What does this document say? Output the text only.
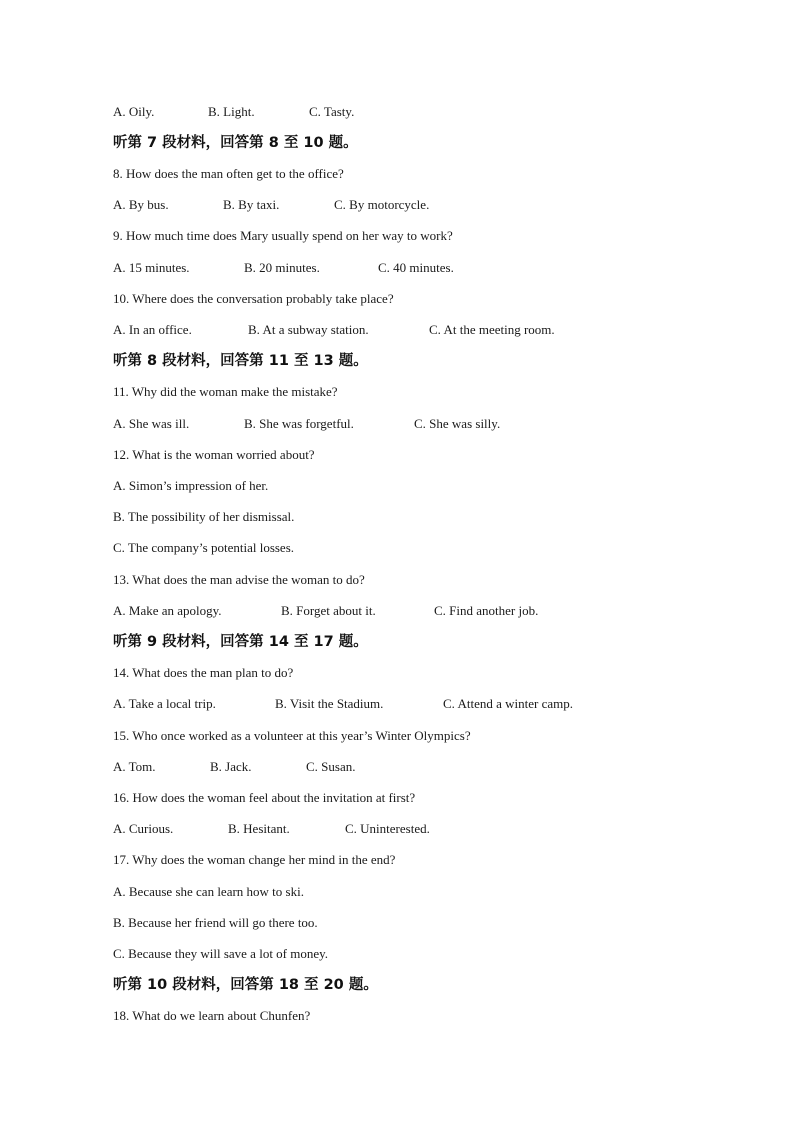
A. Oily.	B. Light.	C. Tasty.
听第 7 段材料，回答第 8 至 10 题。
8. How does the man often get to the office?
A. By bus.	B. By taxi.	C. By motorcycle.
9. How much time does Mary usually spend on her way to work?
A. 15 minutes.	B. 20 minutes.	C. 40 minutes.
10. Where does the conversation probably take place?
A. In an office.	B. At a subway station.	C. At the meeting room.
听第 8 段材料，回答第 11 至 13 题。
11. Why did the woman make the mistake?
A. She was ill.	B. She was forgetful.	C. She was silly.
12. What is the woman worried about?
A. Simon’s impression of her.
B. The possibility of her dismissal.
C. The company’s potential losses.
13. What does the man advise the woman to do?
A. Make an apology.	B. Forget about it.	C. Find another job.
听第 9 段材料，回答第 14 至 17 题。
14. What does the man plan to do?
A. Take a local trip.	B. Visit the Stadium.	C. Attend a winter camp.
15. Who once worked as a volunteer at this year’s Winter Olympics?
A. Tom.	B. Jack.	C. Susan.
16. How does the woman feel about the invitation at first?
A. Curious.	B. Hesitant.	C. Uninterested.
17. Why does the woman change her mind in the end?
A. Because she can learn how to ski.
B. Because her friend will go there too.
C. Because they will save a lot of money.
听第 10 段材料，回答第 18 至 20 题。
18. What do we learn about Chunfen?
